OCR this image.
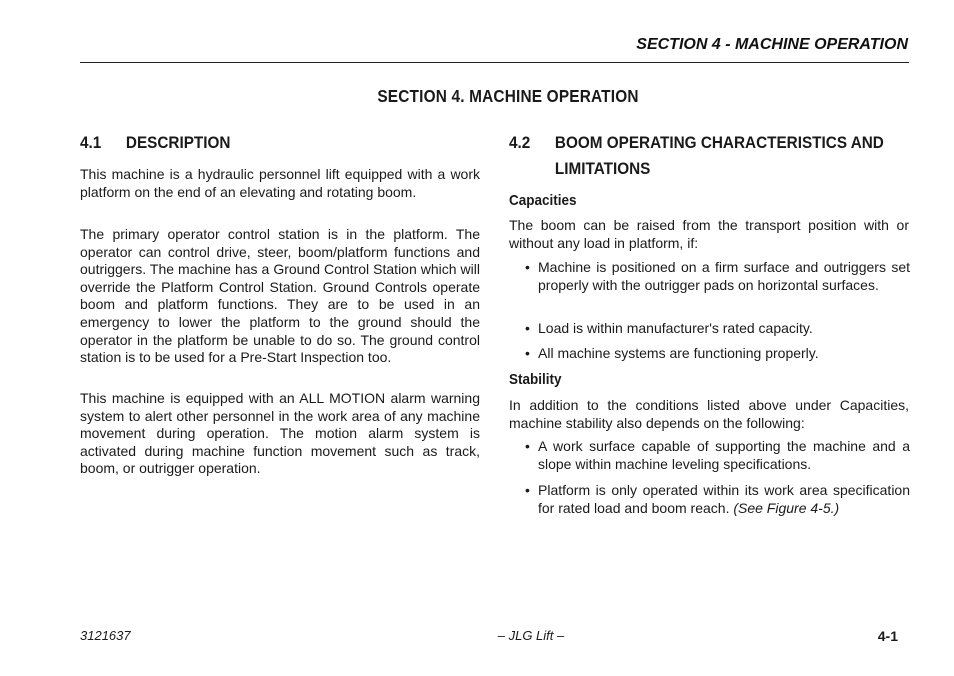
SECTION 4 - MACHINE OPERATION
SECTION 4. MACHINE OPERATION
4.1 DESCRIPTION

This machine is a hydraulic personnel lift equipped with a work platform on the end of an elevating and rotating boom.

The primary operator control station is in the platform. The operator can control drive, steer, boom/platform functions and outriggers. The machine has a Ground Control Station which will override the Platform Control Station. Ground Controls operate boom and platform functions. They are to be used in an emergency to lower the platform to the ground should the operator in the platform be unable to do so. The ground control station is to be used for a Pre-Start Inspection too.

This machine is equipped with an ALL MOTION alarm warning system to alert other personnel in the work area of any machine movement during operation. The motion alarm system is activated during machine function movement such as track, boom, or outrigger operation.

4.2 BOOM OPERATING CHARACTERISTICS AND
LIMITATIONS
Capacities

The boom can be raised from the transport position with or without any load in platform, if:

• Machine is positioned on a firm surface and outriggers set properly with the outrigger pads on horizontal surfaces.
• Load is within manufacturer's rated capacity.
• All machine systems are functioning properly.
Stability

In addition to the conditions listed above under Capacities, machine stability also depends on the following:

• A work surface capable of supporting the machine and a slope within machine leveling specifications.
• Platform is only operated within its work area specification for rated load and boom reach. (See Figure 4-5.)
3121637	– JLG Lift –	4-1
